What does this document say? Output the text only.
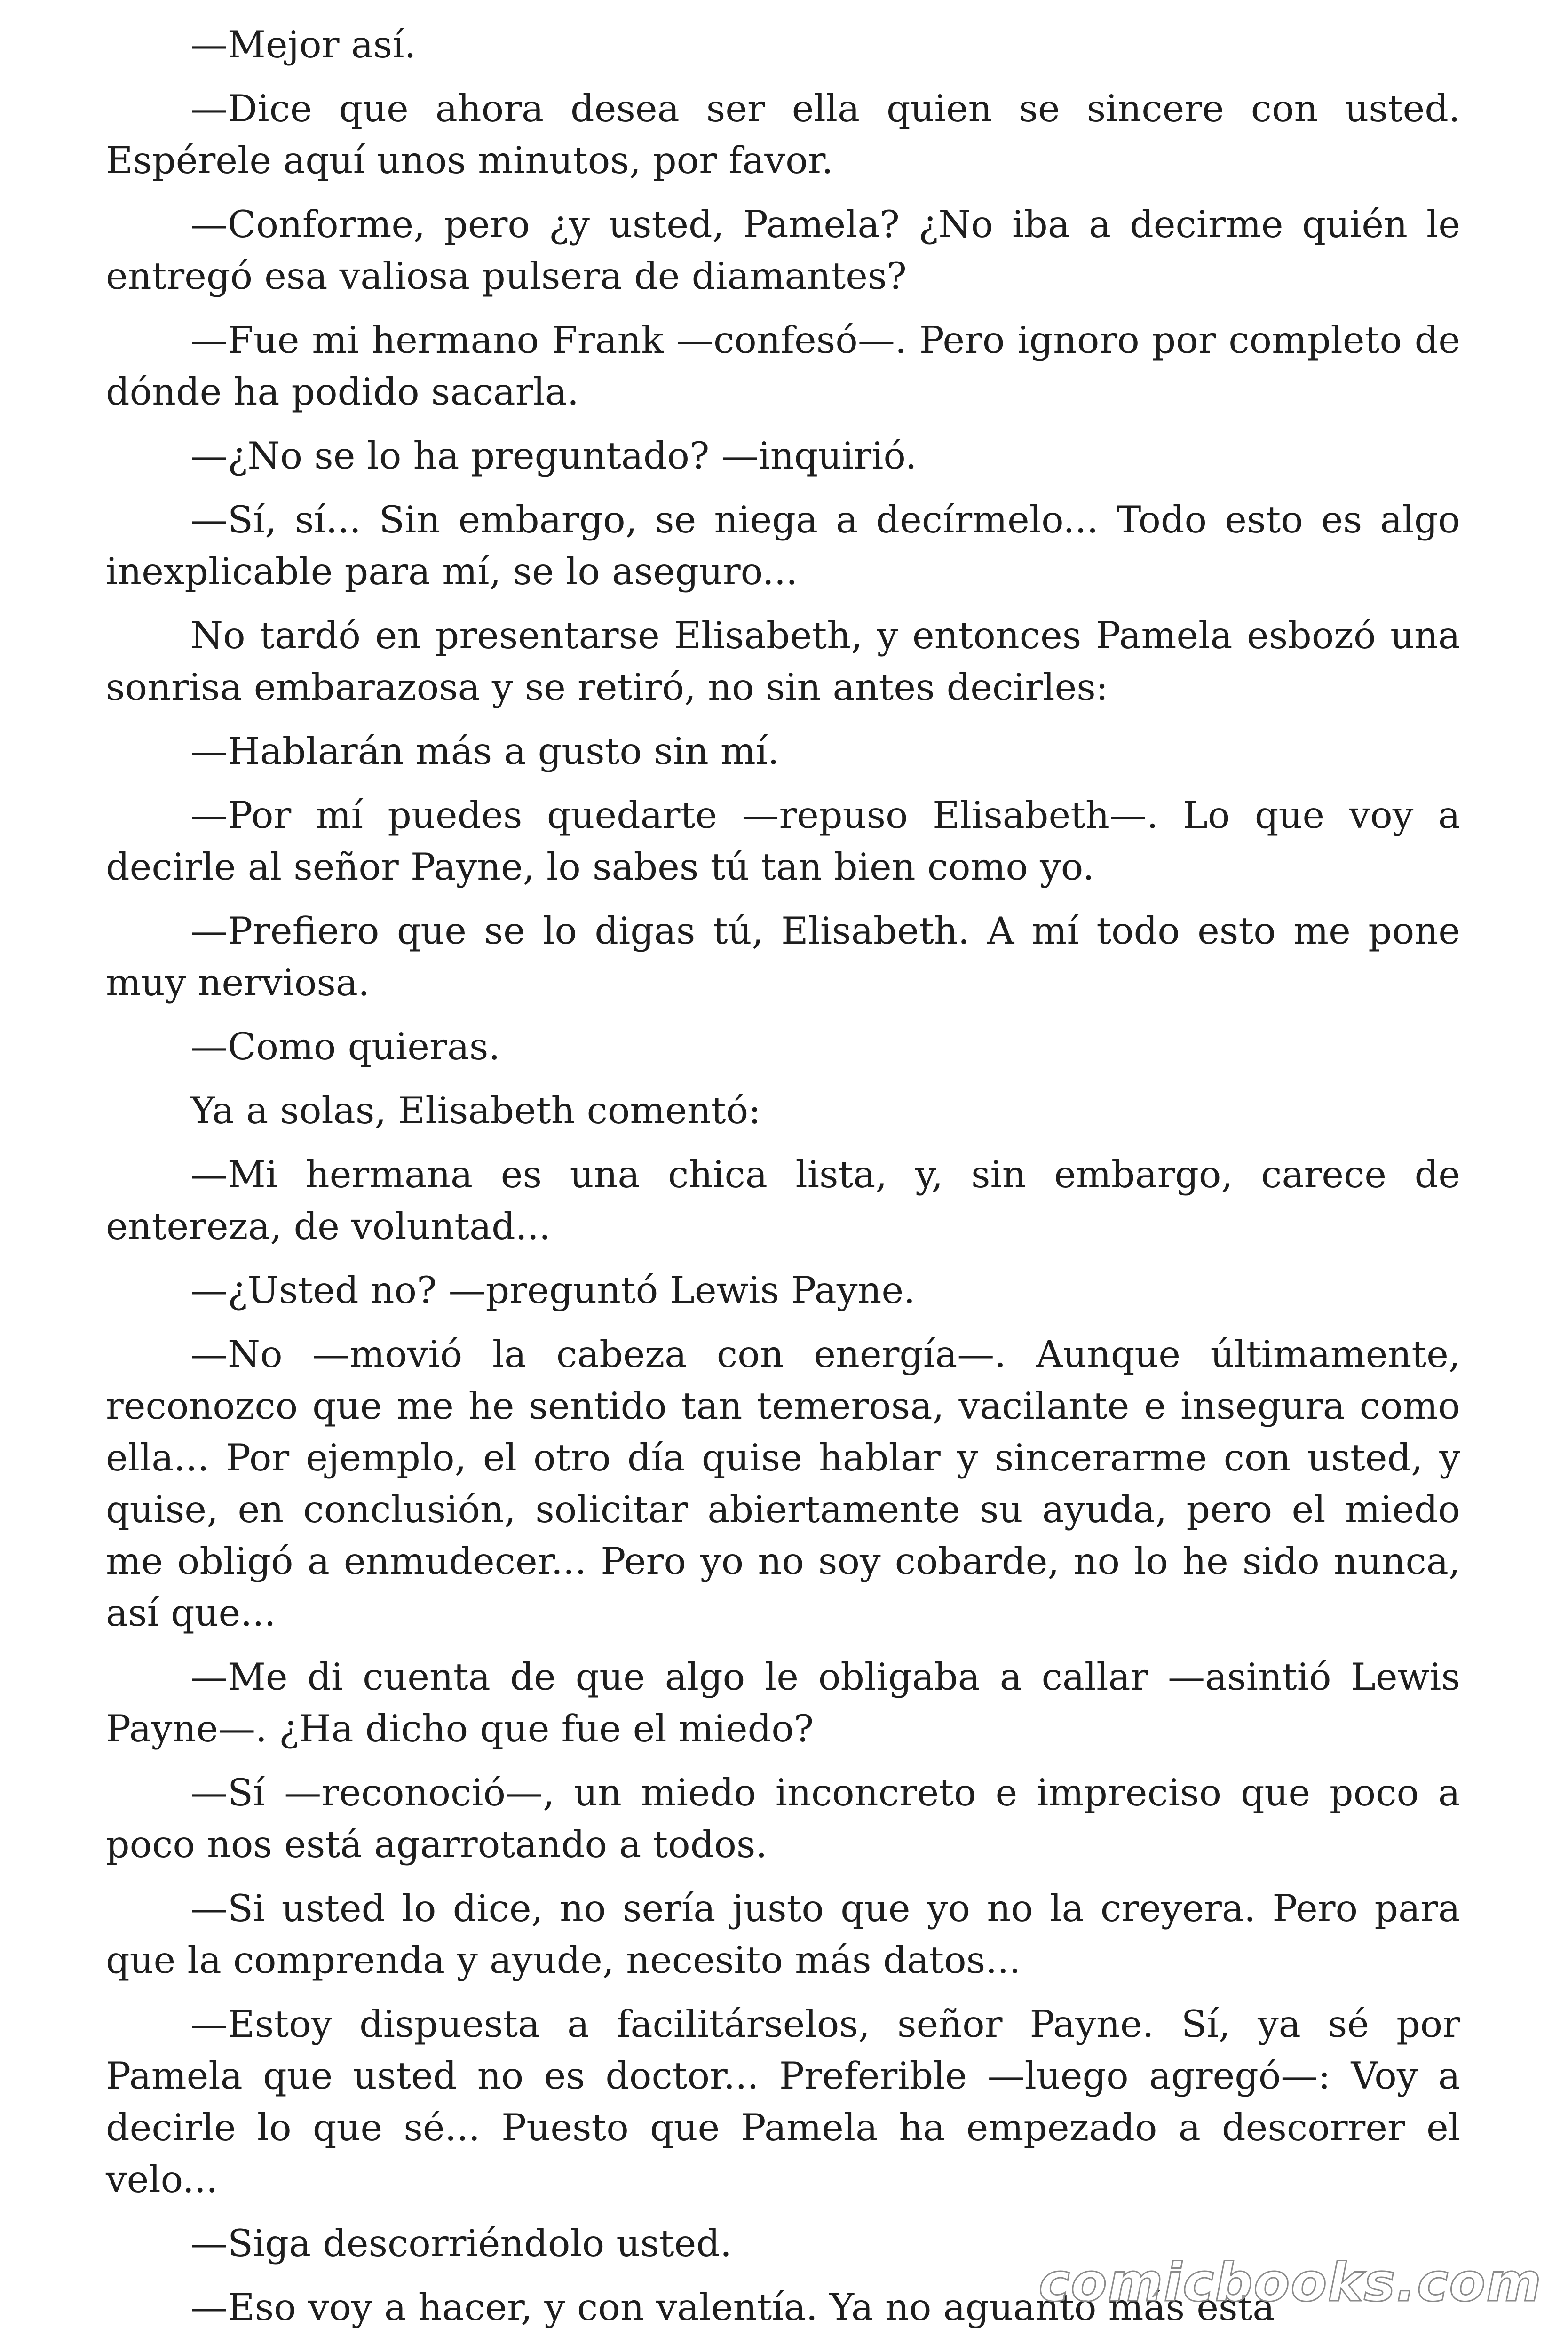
—Mejor así.

—Dice que ahora desea ser ella quien se sincere con usted. Espérele aquí unos minutos, por favor.

—Conforme, pero ¿y usted, Pamela? ¿No iba a decirme quién le entregó esa valiosa pulsera de diamantes?

—Fue mi hermano Frank —confesó—. Pero ignoro por completo de dónde ha podido sacarla.

—¿No se lo ha preguntado? —inquirió.

—Sí, sí... Sin embargo, se niega a decírmelo... Todo esto es algo inexplicable para mí, se lo aseguro...

No tardó en presentarse Elisabeth, y entonces Pamela esbozó una sonrisa embarazosa y se retiró, no sin antes decirles:

—Hablarán más a gusto sin mí.

—Por mí puedes quedarte —repuso Elisabeth—. Lo que voy a decirle al señor Payne, lo sabes tú tan bien como yo.

—Prefiero que se lo digas tú, Elisabeth. A mí todo esto me pone muy nerviosa.

—Como quieras.

Ya a solas, Elisabeth comentó:

—Mi hermana es una chica lista, y, sin embargo, carece de entereza, de voluntad...

—¿Usted no? —preguntó Lewis Payne.

—No —movió la cabeza con energía—. Aunque últimamente, reconozco que me he sentido tan temerosa, vacilante e insegura como ella... Por ejemplo, el otro día quise hablar y sincerarme con usted, y quise, en conclusión, solicitar abiertamente su ayuda, pero el miedo me obligó a enmudecer... Pero yo no soy cobarde, no lo he sido nunca, así que...

—Me di cuenta de que algo le obligaba a callar —asintió Lewis Payne—. ¿Ha dicho que fue el miedo?

—Sí —reconoció—, un miedo inconcreto e impreciso que poco a poco nos está agarrotando a todos.

—Si usted lo dice, no sería justo que yo no la creyera. Pero para que la comprenda y ayude, necesito más datos...

—Estoy dispuesta a facilitárselos, señor Payne. Sí, ya sé por Pamela que usted no es doctor... Preferible —luego agregó—: Voy a decirle lo que sé... Puesto que Pamela ha empezado a descorrer el velo...

—Siga descorriéndolo usted.

—Eso voy a hacer, y con valentía. Ya no aguanto más esta

comicbooks.com
